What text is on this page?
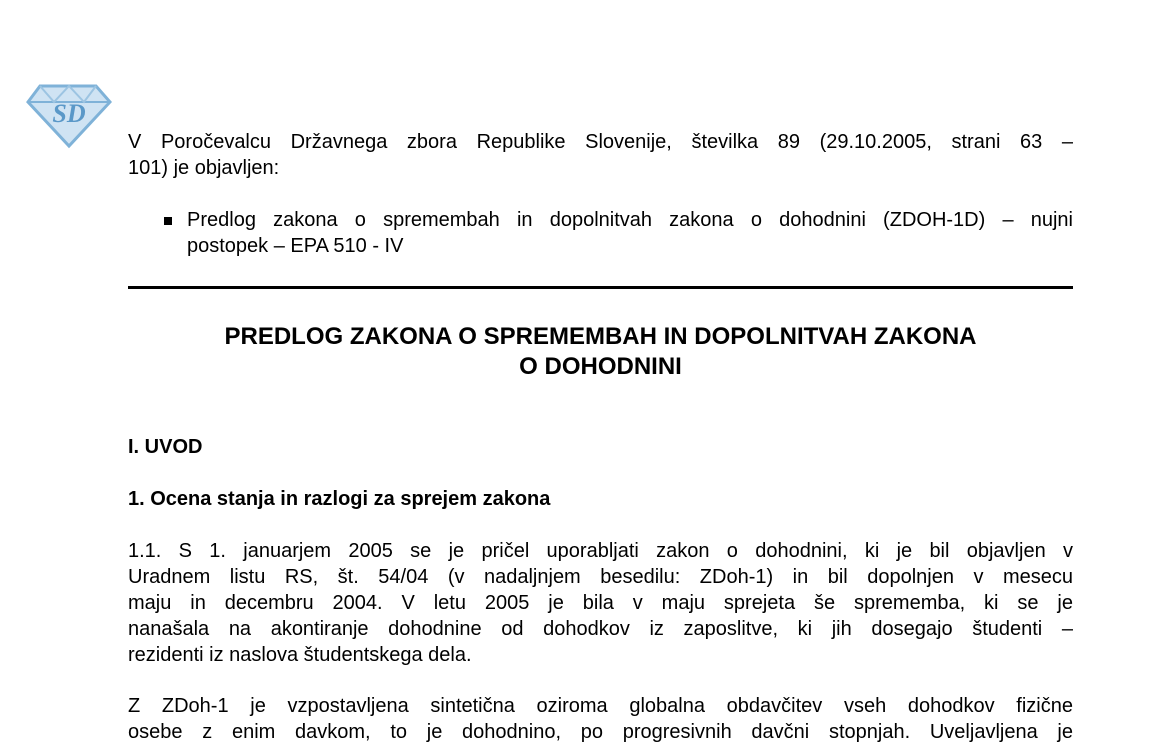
SD
V Poročevalcu Državnega zbora Republike Slovenije, številka 89 (29.10.2005, strani 63 –
101) je objavljen:
Predlog zakona o spremembah in dopolnitvah zakona o dohodnini (ZDOH-1D) – nujni
postopek – EPA 510 - IV
PREDLOG ZAKONA O SPREMEMBAH IN DOPOLNITVAH ZAKONA
O DOHODNINI
I. UVOD
1. Ocena stanja in razlogi za sprejem zakona
1.1. S 1. januarjem 2005 se je pričel uporabljati zakon o dohodnini, ki je bil objavljen v
Uradnem listu RS, št. 54/04 (v nadaljnjem besedilu: ZDoh-1) in bil dopolnjen v mesecu
maju in decembru 2004. V letu 2005 je bila v maju sprejeta še sprememba, ki se je
nanašala na akontiranje dohodnine od dohodkov iz zaposlitve, ki jih dosegajo študenti –
rezidenti iz naslova študentskega dela.
Z ZDoh-1 je vzpostavljena sintetična oziroma globalna obdavčitev vseh dohodkov fizične
osebe z enim davkom, to je dohodnino, po progresivnih davčni stopnjah. Uveljavljena je
